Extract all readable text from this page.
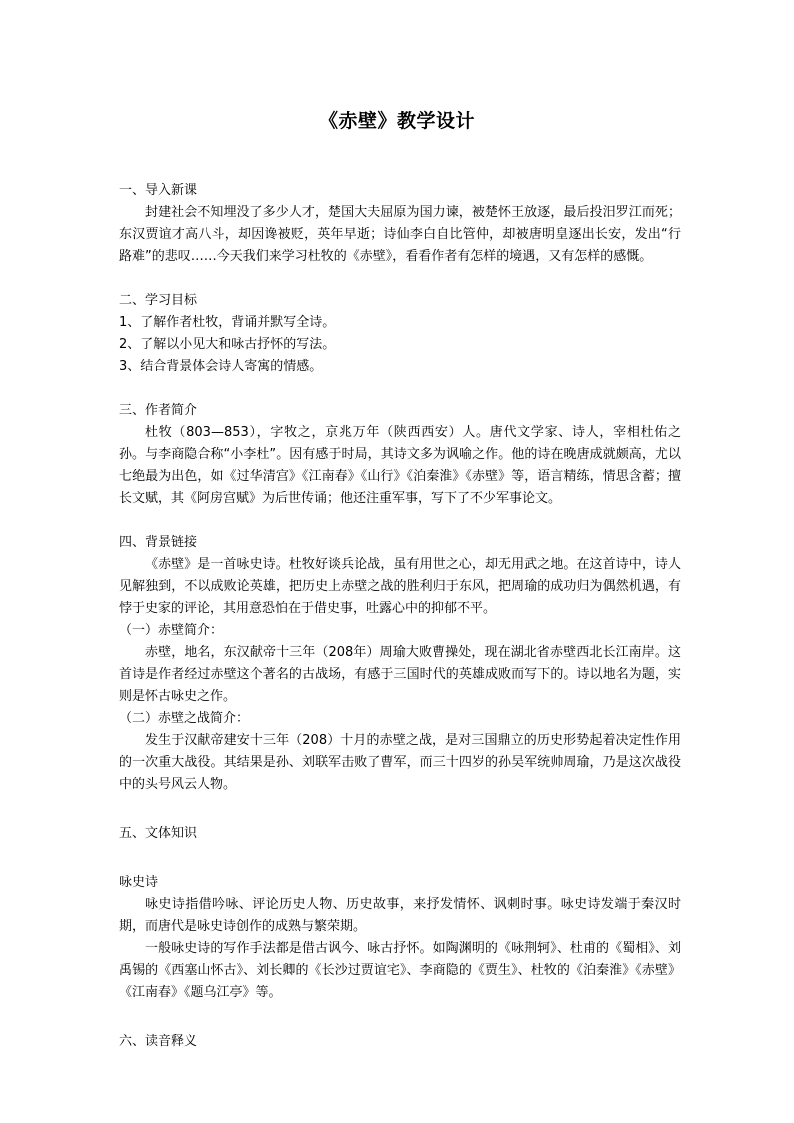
《赤壁》教学设计

一、导入新课

封建社会不知埋没了多少人才，楚国大夫屈原为国力谏，被楚怀王放逐，最后投汨罗江而死；东汉贾谊才高八斗，却因谗被贬，英年早逝；诗仙李白自比管仲，却被唐明皇逐出长安，发出“行路难”的悲叹……今天我们来学习杜牧的《赤壁》，看看作者有怎样的境遇，又有怎样的感慨。

二、学习目标

1、了解作者杜牧，背诵并默写全诗。

2、了解以小见大和咏古抒怀的写法。

3、结合背景体会诗人寄寓的情感。

三、作者简介

杜牧（803—853），字牧之，京兆万年（陕西西安）人。唐代文学家、诗人，宰相杜佑之孙。与李商隐合称“小李杜”。因有感于时局，其诗文多为讽喻之作。他的诗在晚唐成就颇高，尤以七绝最为出色，如《过华清宫》《江南春》《山行》《泊秦淮》《赤壁》等，语言精练，情思含蓄；擅长文赋，其《阿房宫赋》为后世传诵；他还注重军事，写下了不少军事论文。

四、背景链接

《赤壁》是一首咏史诗。杜牧好谈兵论战，虽有用世之心，却无用武之地。在这首诗中，诗人见解独到，不以成败论英雄，把历史上赤壁之战的胜利归于东风，把周瑜的成功归为偶然机遇，有悖于史家的评论，其用意恐怕在于借史事，吐露心中的抑郁不平。

（一）赤壁简介：

赤壁，地名，东汉献帝十三年（208年）周瑜大败曹操处，现在湖北省赤壁西北长江南岸。这首诗是作者经过赤壁这个著名的古战场，有感于三国时代的英雄成败而写下的。诗以地名为题，实则是怀古咏史之作。

（二）赤壁之战简介：

发生于汉献帝建安十三年（208）十月的赤壁之战，是对三国鼎立的历史形势起着决定性作用的一次重大战役。其结果是孙、刘联军击败了曹军，而三十四岁的孙吴军统帅周瑜，乃是这次战役中的头号风云人物。

五、文体知识

咏史诗

咏史诗指借吟咏、评论历史人物、历史故事，来抒发情怀、讽刺时事。咏史诗发端于秦汉时期，而唐代是咏史诗创作的成熟与繁荣期。

一般咏史诗的写作手法都是借古讽今、咏古抒怀。如陶渊明的《咏荆轲》、杜甫的《蜀相》、刘禹锡的《西塞山怀古》、刘长卿的《长沙过贾谊宅》、李商隐的《贾生》、杜牧的《泊秦淮》《赤壁》《江南春》《题乌江亭》等。

六、读音释义
